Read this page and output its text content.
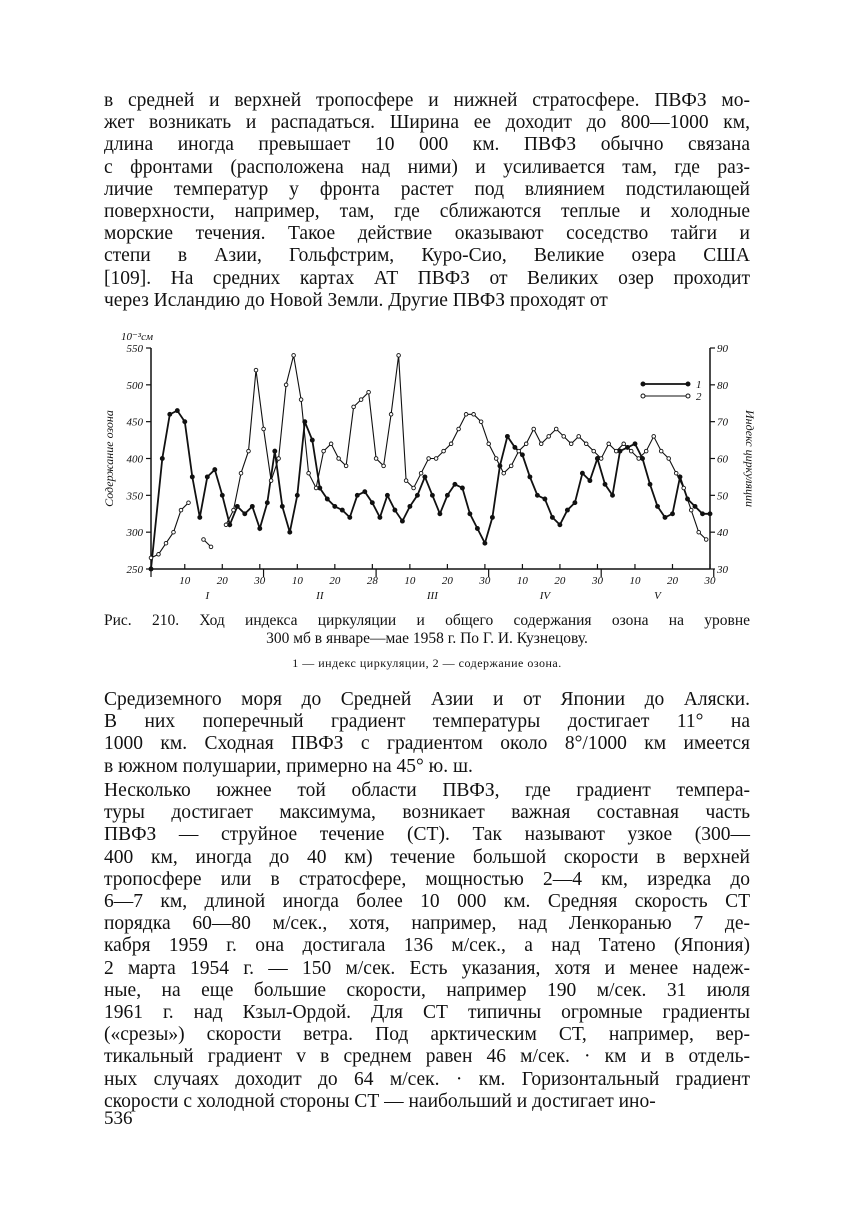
в средней и верхней тропосфере и нижней стратосфере. ПВФЗ мо-
жет возникать и распадаться. Ширина ее доходит до 800—1000 км,
длина иногда превышает 10 000 км. ПВФЗ обычно связана
с фронтами (расположена над ними) и усиливается там, где раз-
личие температур у фронта растет под влиянием подстилающей
поверхности, например, там, где сближаются теплые и холодные
морские течения. Такое действие оказывают соседство тайги и
степи в Азии, Гольфстрим, Куро-Сио, Великие озера США
[109]. На средних картах АТ ПВФЗ от Великих озер проходит
через Исландию до Новой Земли. Другие ПВФЗ проходят от
550
500
450
400
350
300
250
90
80
70
60
50
40
30
10⁻³см
Содержание озона	Индекс циркуляции
10 20 30 10 20 28 10 20 30 10 20 30 10 20 30
I	II	III	IV	V
1
2
Рис. 210. Ход индекса циркуляции и общего содержания озона на уровне
300 мб в январе—мае 1958 г. По Г. И. Кузнецову.
1 — индекс циркуляции, 2 — содержание озона.
Средиземного моря до Средней Азии и от Японии до Аляски.
В них поперечный градиент температуры достигает 11° на
1000 км. Сходная ПВФЗ с градиентом около 8°/1000 км имеется
в южном полушарии, примерно на 45° ю. ш.
Несколько южнее той области ПВФЗ, где градиент темпера-
туры достигает максимума, возникает важная составная часть
ПВФЗ — струйное течение (СТ). Так называют узкое (300—
400 км, иногда до 40 км) течение большой скорости в верхней
тропосфере или в стратосфере, мощностью 2—4 км, изредка до
6—7 км, длиной иногда более 10 000 км. Средняя скорость СТ
порядка 60—80 м/сек., хотя, например, над Ленкоранью 7 де-
кабря 1959 г. она достигала 136 м/сек., а над Татено (Япония)
2 марта 1954 г. — 150 м/сек. Есть указания, хотя и менее надеж-
ные, на еще большие скорости, например 190 м/сек. 31 июля
1961 г. над Кзыл-Ордой. Для СТ типичны огромные градиенты
(«срезы») скорости ветра. Под арктическим СТ, например, вер-
тикальный градиент v в среднем равен 46 м/сек. · км и в отдель-
ных случаях доходит до 64 м/сек. · км. Горизонтальный градиент
скорости с холодной стороны СТ — наибольший и достигает ино-
536
